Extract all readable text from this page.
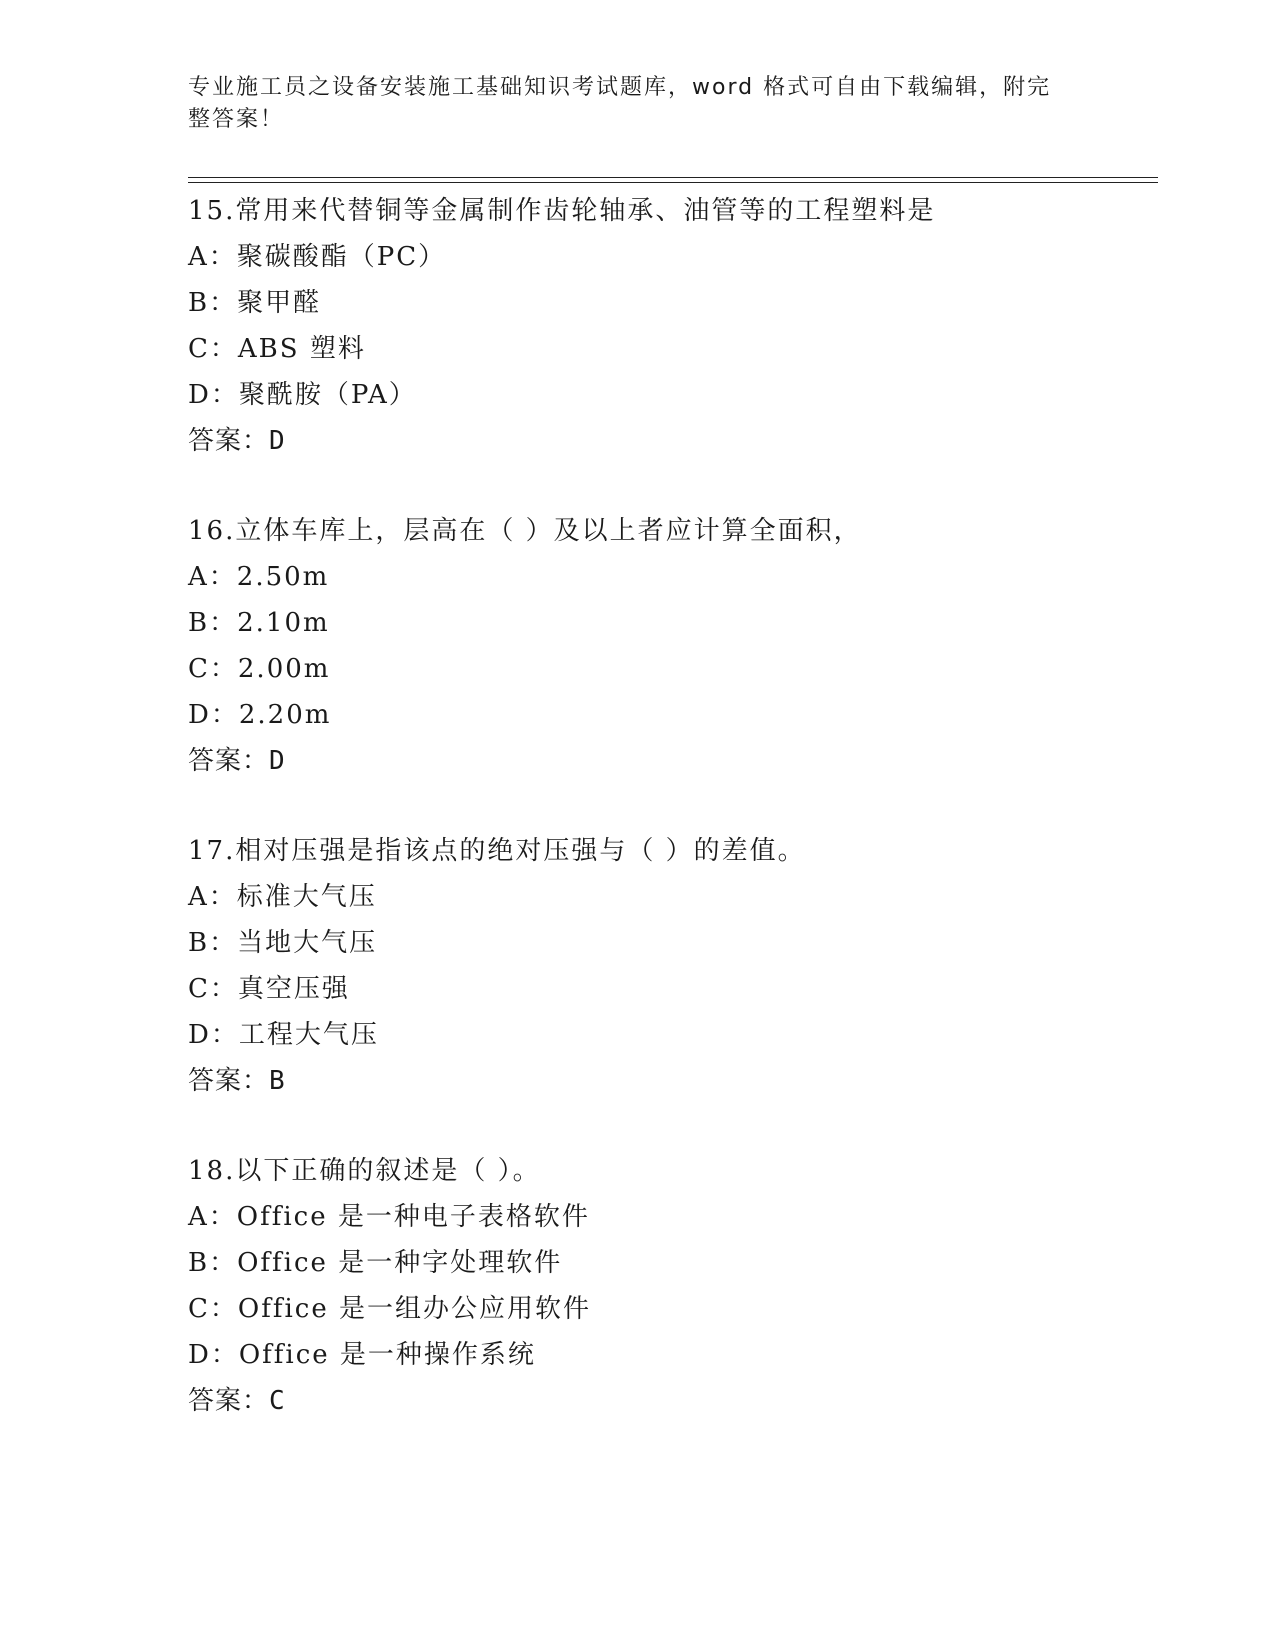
专业施工员之设备安装施工基础知识考试题库，word 格式可自由下载编辑，附完整答案！
15.常用来代替铜等金属制作齿轮轴承、油管等的工程塑料是
A：聚碳酸酯（PC）
B：聚甲醛
C：ABS 塑料
D：聚酰胺（PA）
答案：D
16.立体车库上，层高在（ ）及以上者应计算全面积，
A：2.50m
B：2.10m
C：2.00m
D：2.20m
答案：D
17.相对压强是指该点的绝对压强与（ ）的差值。
A：标准大气压
B：当地大气压
C：真空压强
D：工程大气压
答案：B
18.以下正确的叙述是（ ）。
A：Office 是一种电子表格软件
B：Office 是一种字处理软件
C：Office 是一组办公应用软件
D：Office 是一种操作系统
答案：C
